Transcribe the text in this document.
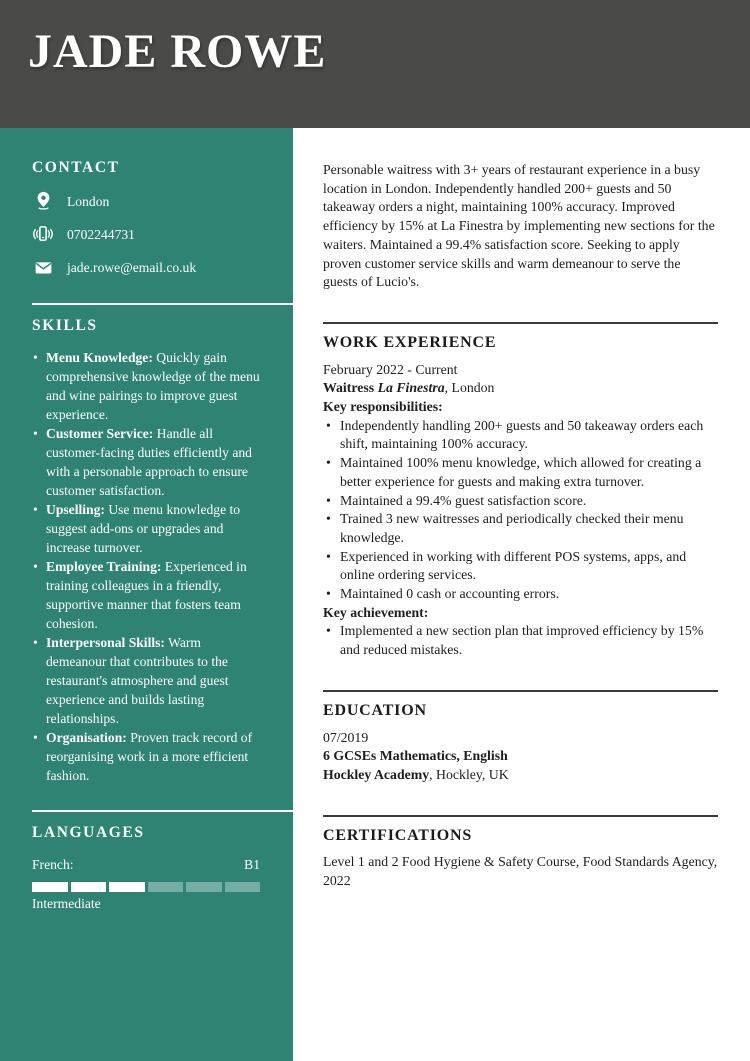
JADE ROWE
CONTACT
London
0702244731
jade.rowe@email.co.uk
SKILLS
• Menu Knowledge: Quickly gain comprehensive knowledge of the menu and wine pairings to improve guest experience.
• Customer Service: Handle all customer-facing duties efficiently and with a personable approach to ensure customer satisfaction.
• Upselling: Use menu knowledge to suggest add-ons or upgrades and increase turnover.
• Employee Training: Experienced in training colleagues in a friendly, supportive manner that fosters team cohesion.
• Interpersonal Skills: Warm demeanour that contributes to the restaurant's atmosphere and guest experience and builds lasting relationships.
• Organisation: Proven track record of reorganising work in a more efficient fashion.
LANGUAGES
French:	B1
Intermediate

Personable waitress with 3+ years of restaurant experience in a busy location in London. Independently handled 200+ guests and 50 takeaway orders a night, maintaining 100% accuracy. Improved efficiency by 15% at La Finestra by implementing new sections for the waiters. Maintained a 99.4% satisfaction score. Seeking to apply proven customer service skills and warm demeanour to serve the guests of Lucio's.

WORK EXPERIENCE

February 2022 - Current

Waitress La Finestra, London

Key responsibilities:

• Independently handling 200+ guests and 50 takeaway orders each shift, maintaining 100% accuracy.
• Maintained 100% menu knowledge, which allowed for creating a better experience for guests and making extra turnover.
• Maintained a 99.4% guest satisfaction score.
• Trained 3 new waitresses and periodically checked their menu knowledge.
• Experienced in working with different POS systems, apps, and online ordering services.
• Maintained 0 cash or accounting errors.

Key achievement:

• Implemented a new section plan that improved efficiency by 15% and reduced mistakes.
EDUCATION

07/2019

6 GCSEs Mathematics, English

Hockley Academy, Hockley, UK

CERTIFICATIONS

Level 1 and 2 Food Hygiene & Safety Course, Food Standards Agency, 2022
